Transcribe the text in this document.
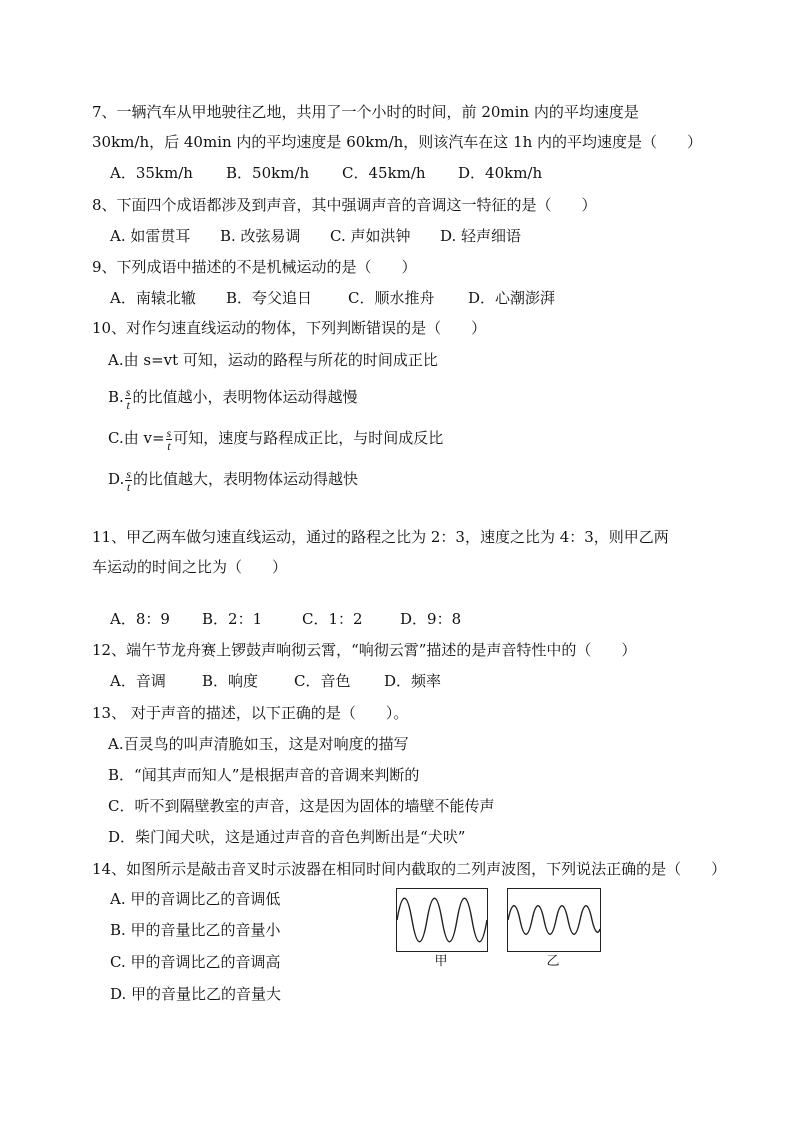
7、一辆汽车从甲地驶往乙地，共用了一个小时的时间，前 20min 内的平均速度是
30km/h，后 40min 内的平均速度是 60km/h，则该汽车在这 1h 内的平均速度是（　　）
A．35km/h B．50km/h C．45km/h D．40km/h
8、下面四个成语都涉及到声音，其中强调声音的音调这一特征的是（　　）
A. 如雷贯耳 B. 改弦易调 C. 声如洪钟 D. 轻声细语
9、下列成语中描述的不是机械运动的是（　　）
A．南辕北辙 B．夸父追日 C．顺水推舟 D．心潮澎湃
10、对作匀速直线运动的物体，下列判断错误的是（　　）
A.由 s=vt 可知，运动的路程与所花的时间成正比
B. $\frac{s}{t}$ 的比值越小，表明物体运动得越慢
C.由 $v= \frac{s}{t}$ 可知，速度与路程成正比，与时间成反比
D. $\frac{s}{t}$ 的比值越大，表明物体运动得越快
11、甲乙两车做匀速直线运动，通过的路程之比为 2：3，速度之比为 4：3，则甲乙两
车运动的时间之比为（　　）
A．8：9 B．2：1	C．1：2 D．9：8
12、端午节龙舟赛上锣鼓声响彻云霄，“响彻云霄”描述的是声音特性中的（　　）
A．音调 B．响度 C．音色 D．频率
13、 对于声音的描述，以下正确的是（　　）。
A.百灵鸟的叫声清脆如玉，这是对响度的描写
B．“闻其声而知人”是根据声音的音调来判断的
C．听不到隔壁教室的声音，这是因为固体的墙壁不能传声
D．柴门闻犬吠，这是通过声音的音色判断出是“犬吠”
14、如图所示是敲击音叉时示波器在相同时间内截取的二列声波图，下列说法正确的是（　　）
A. 甲的音调比乙的音调低
B. 甲的音量比乙的音量小
C. 甲的音调比乙的音调高
D. 甲的音量比乙的音量大
甲	乙
